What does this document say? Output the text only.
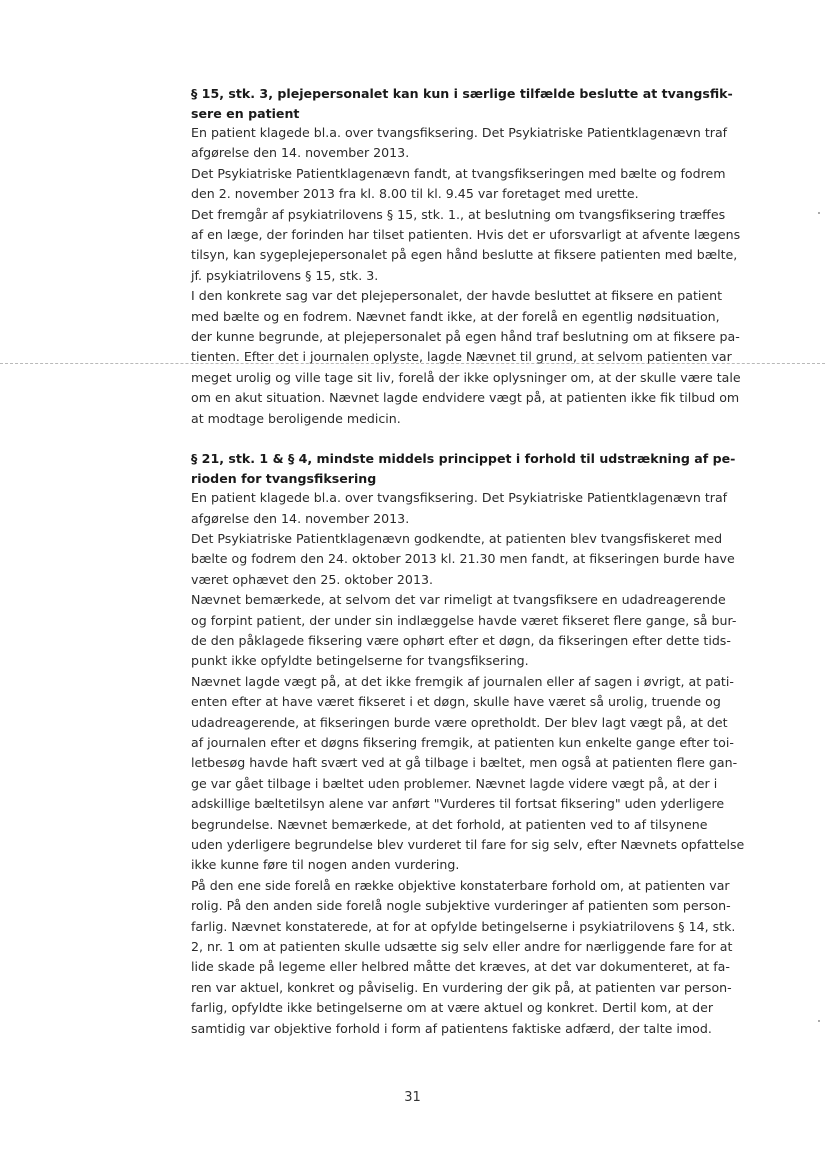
§ 15, stk. 3, plejepersonalet kan kun i særlige tilfælde beslutte at tvangsfik-
sere en patient
En patient klagede bl.a. over tvangsfiksering. Det Psykiatriske Patientklagenævn traf
afgørelse den 14. november 2013.
Det Psykiatriske Patientklagenævn fandt, at tvangsfikseringen med bælte og fodrem
den 2. november 2013 fra kl. 8.00 til kl. 9.45 var foretaget med urette.
Det fremgår af psykiatrilovens § 15, stk. 1., at beslutning om tvangsfiksering træffes
af en læge, der forinden har tilset patienten. Hvis det er uforsvarligt at afvente lægens
tilsyn, kan sygeplejepersonalet på egen hånd beslutte at fiksere patienten med bælte,
jf. psykiatrilovens § 15, stk. 3.
I den konkrete sag var det plejepersonalet, der havde besluttet at fiksere en patient
med bælte og en fodrem. Nævnet fandt ikke, at der forelå en egentlig nødsituation,
der kunne begrunde, at plejepersonalet på egen hånd traf beslutning om at fiksere pa-
tienten. Efter det i journalen oplyste, lagde Nævnet til grund, at selvom patienten var
meget urolig og ville tage sit liv, forelå der ikke oplysninger om, at der skulle være tale
om en akut situation. Nævnet lagde endvidere vægt på, at patienten ikke fik tilbud om
at modtage beroligende medicin.
§ 21, stk. 1 & § 4, mindste middels princippet i forhold til udstrækning af pe-
rioden for tvangsfiksering
En patient klagede bl.a. over tvangsfiksering. Det Psykiatriske Patientklagenævn traf
afgørelse den 14. november 2013.
Det Psykiatriske Patientklagenævn godkendte, at patienten blev tvangsfiskeret med
bælte og fodrem den 24. oktober 2013 kl. 21.30 men fandt, at fikseringen burde have
været ophævet den 25. oktober 2013.
Nævnet bemærkede, at selvom det var rimeligt at tvangsfiksere en udadreagerende
og forpint patient, der under sin indlæggelse havde været fikseret flere gange, så bur-
de den påklagede fiksering være ophørt efter et døgn, da fikseringen efter dette tids-
punkt ikke opfyldte betingelserne for tvangsfiksering.
Nævnet lagde vægt på, at det ikke fremgik af journalen eller af sagen i øvrigt, at pati-
enten efter at have været fikseret i et døgn, skulle have været så urolig, truende og
udadreagerende, at fikseringen burde være opretholdt. Der blev lagt vægt på, at det
af journalen efter et døgns fiksering fremgik, at patienten kun enkelte gange efter toi-
letbesøg havde haft svært ved at gå tilbage i bæltet, men også at patienten flere gan-
ge var gået tilbage i bæltet uden problemer. Nævnet lagde videre vægt på, at der i
adskillige bæltetilsyn alene var anført "Vurderes til fortsat fiksering" uden yderligere
begrundelse. Nævnet bemærkede, at det forhold, at patienten ved to af tilsynene
uden yderligere begrundelse blev vurderet til fare for sig selv, efter Nævnets opfattelse
ikke kunne føre til nogen anden vurdering.
På den ene side forelå en række objektive konstaterbare forhold om, at patienten var
rolig. På den anden side forelå nogle subjektive vurderinger af patienten som person-
farlig. Nævnet konstaterede, at for at opfylde betingelserne i psykiatrilovens § 14, stk.
2, nr. 1 om at patienten skulle udsætte sig selv eller andre for nærliggende fare for at
lide skade på legeme eller helbred måtte det kræves, at det var dokumenteret, at fa-
ren var aktuel, konkret og påviselig. En vurdering der gik på, at patienten var person-
farlig, opfyldte ikke betingelserne om at være aktuel og konkret. Dertil kom, at der
samtidig var objektive forhold i form af patientens faktiske adfærd, der talte imod.
31
